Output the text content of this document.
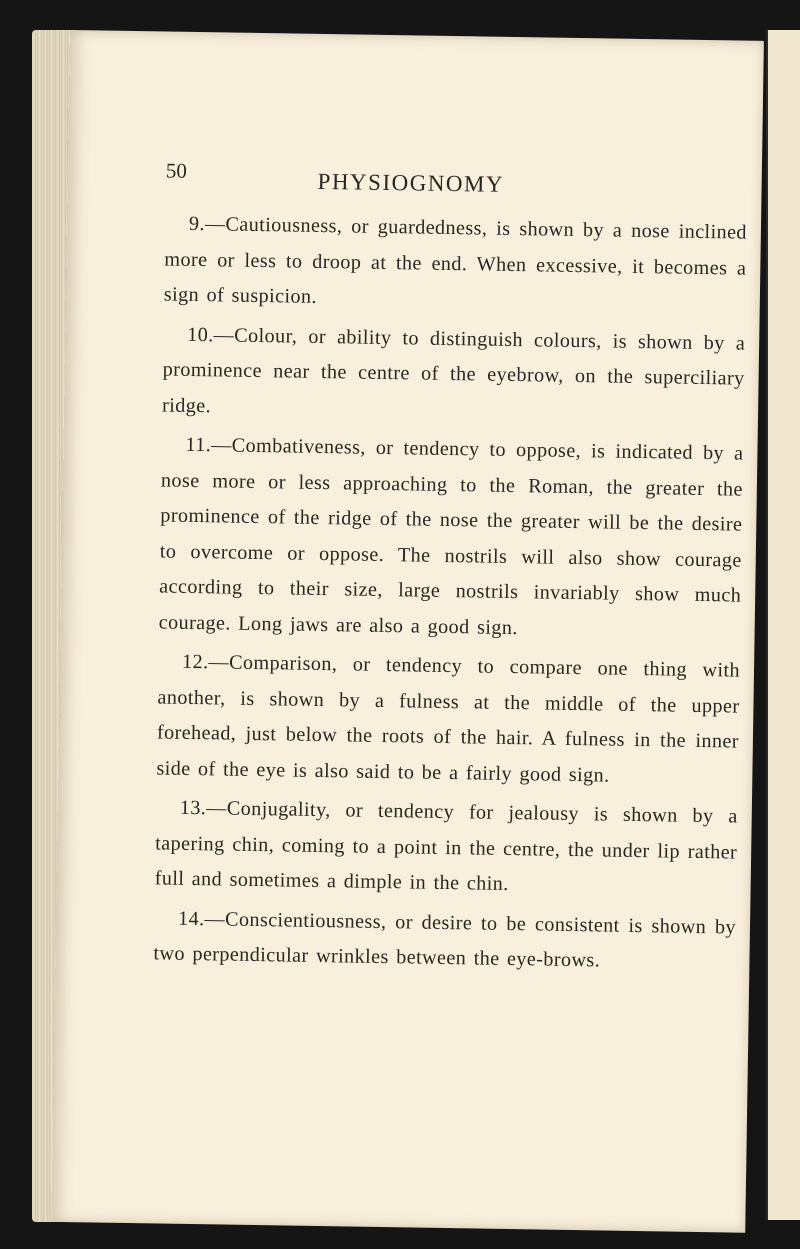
50	PHYSIOGNOMY

9.—Cautiousness, or guardedness, is shown by a nose inclined more or less to droop at the end. When excessive, it becomes a sign of suspicion.

10.—Colour, or ability to distinguish colours, is shown by a prominence near the centre of the eyebrow, on the superciliary ridge.

11.—Combativeness, or tendency to oppose, is indicated by a nose more or less approaching to the Roman, the greater the prominence of the ridge of the nose the greater will be the desire to overcome or oppose. The nostrils will also show courage according to their size, large nostrils invariably show much courage. Long jaws are also a good sign.

12.—Comparison, or tendency to compare one thing with another, is shown by a fulness at the middle of the upper forehead, just below the roots of the hair. A fulness in the inner side of the eye is also said to be a fairly good sign.

13.—Conjugality, or tendency for jealousy is shown by a tapering chin, coming to a point in the centre, the under lip rather full and sometimes a dimple in the chin.

14.—Conscientiousness, or desire to be consistent is shown by two perpendicular wrinkles between the eye-brows.
